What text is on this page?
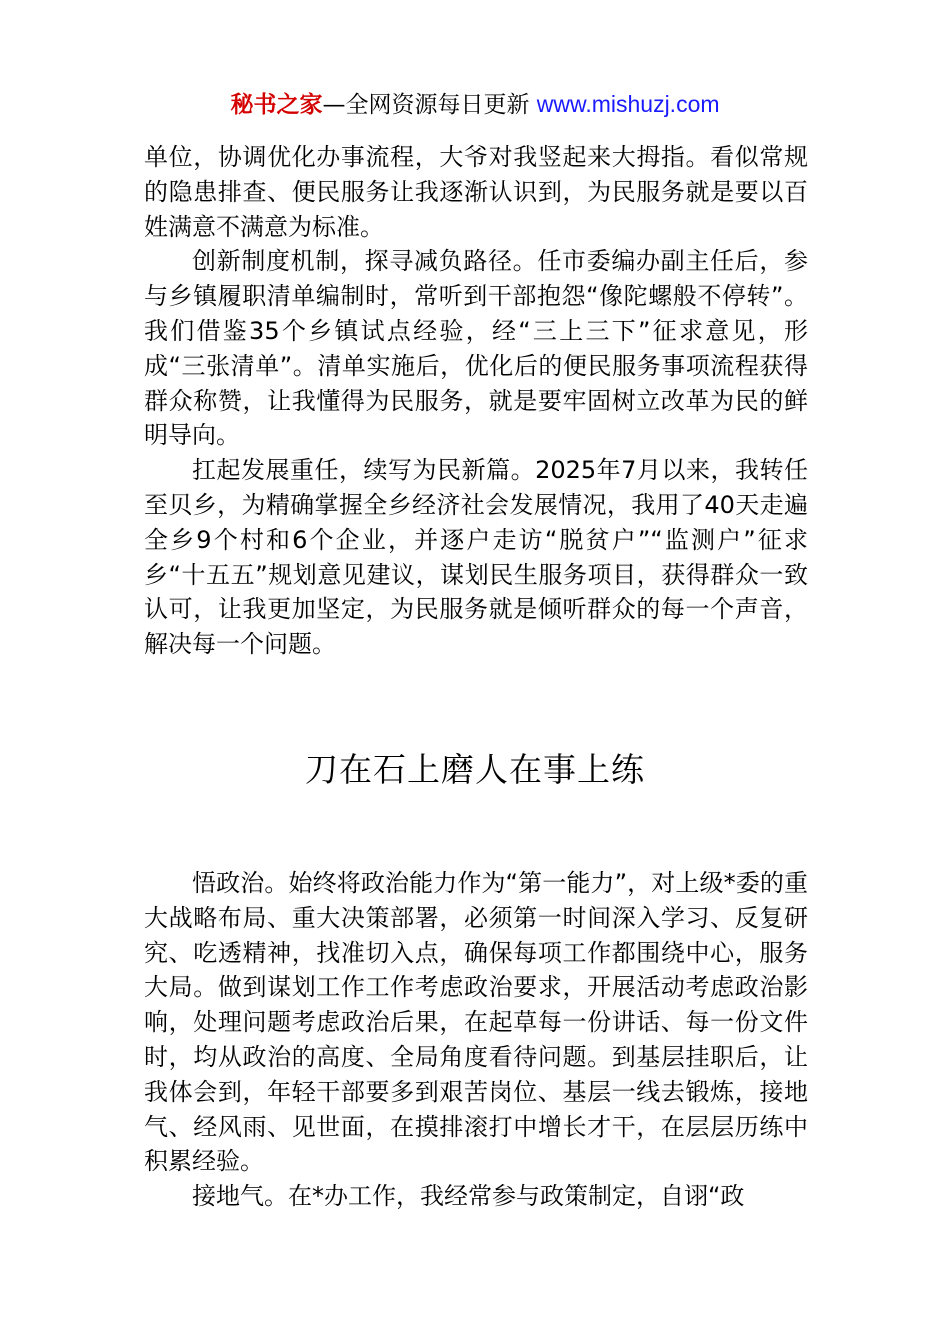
秘书之家—全网资源每日更新 www.mishuzj.com

单位，协调优化办事流程，大爷对我竖起来大拇指。看似常规的隐患排查、便民服务让我逐渐认识到，为民服务就是要以百姓满意不满意为标准。

创新制度机制，探寻减负路径。任市委编办副主任后，参与乡镇履职清单编制时，常听到干部抱怨“像陀螺般不停转”。我们借鉴35个乡镇试点经验，经“三上三下”征求意见，形成“三张清单”。清单实施后，优化后的便民服务事项流程获得群众称赞，让我懂得为民服务，就是要牢固树立改革为民的鲜明导向。

扛起发展重任，续写为民新篇。2025年7月以来，我转任至贝乡，为精确掌握全乡经济社会发展情况，我用了40天走遍全乡9个村和6个企业，并逐户走访“脱贫户”“监测户”征求乡“十五五”规划意见建议，谋划民生服务项目，获得群众一致认可，让我更加坚定，为民服务就是倾听群众的每一个声音，解决每一个问题。

刀在石上磨人在事上练

悟政治。始终将政治能力作为“第一能力”，对上级*委的重大战略布局、重大决策部署，必须第一时间深入学习、反复研究、吃透精神，找准切入点，确保每项工作都围绕中心，服务大局。做到谋划工作工作考虑政治要求，开展活动考虑政治影响，处理问题考虑政治后果，在起草每一份讲话、每一份文件时，均从政治的高度、全局角度看待问题。到基层挂职后，让我体会到，年轻干部要多到艰苦岗位、基层一线去锻炼，接地气、经风雨、见世面，在摸排滚打中增长才干，在层层历练中积累经验。

接地气。在*办工作，我经常参与政策制定，自诩“政
